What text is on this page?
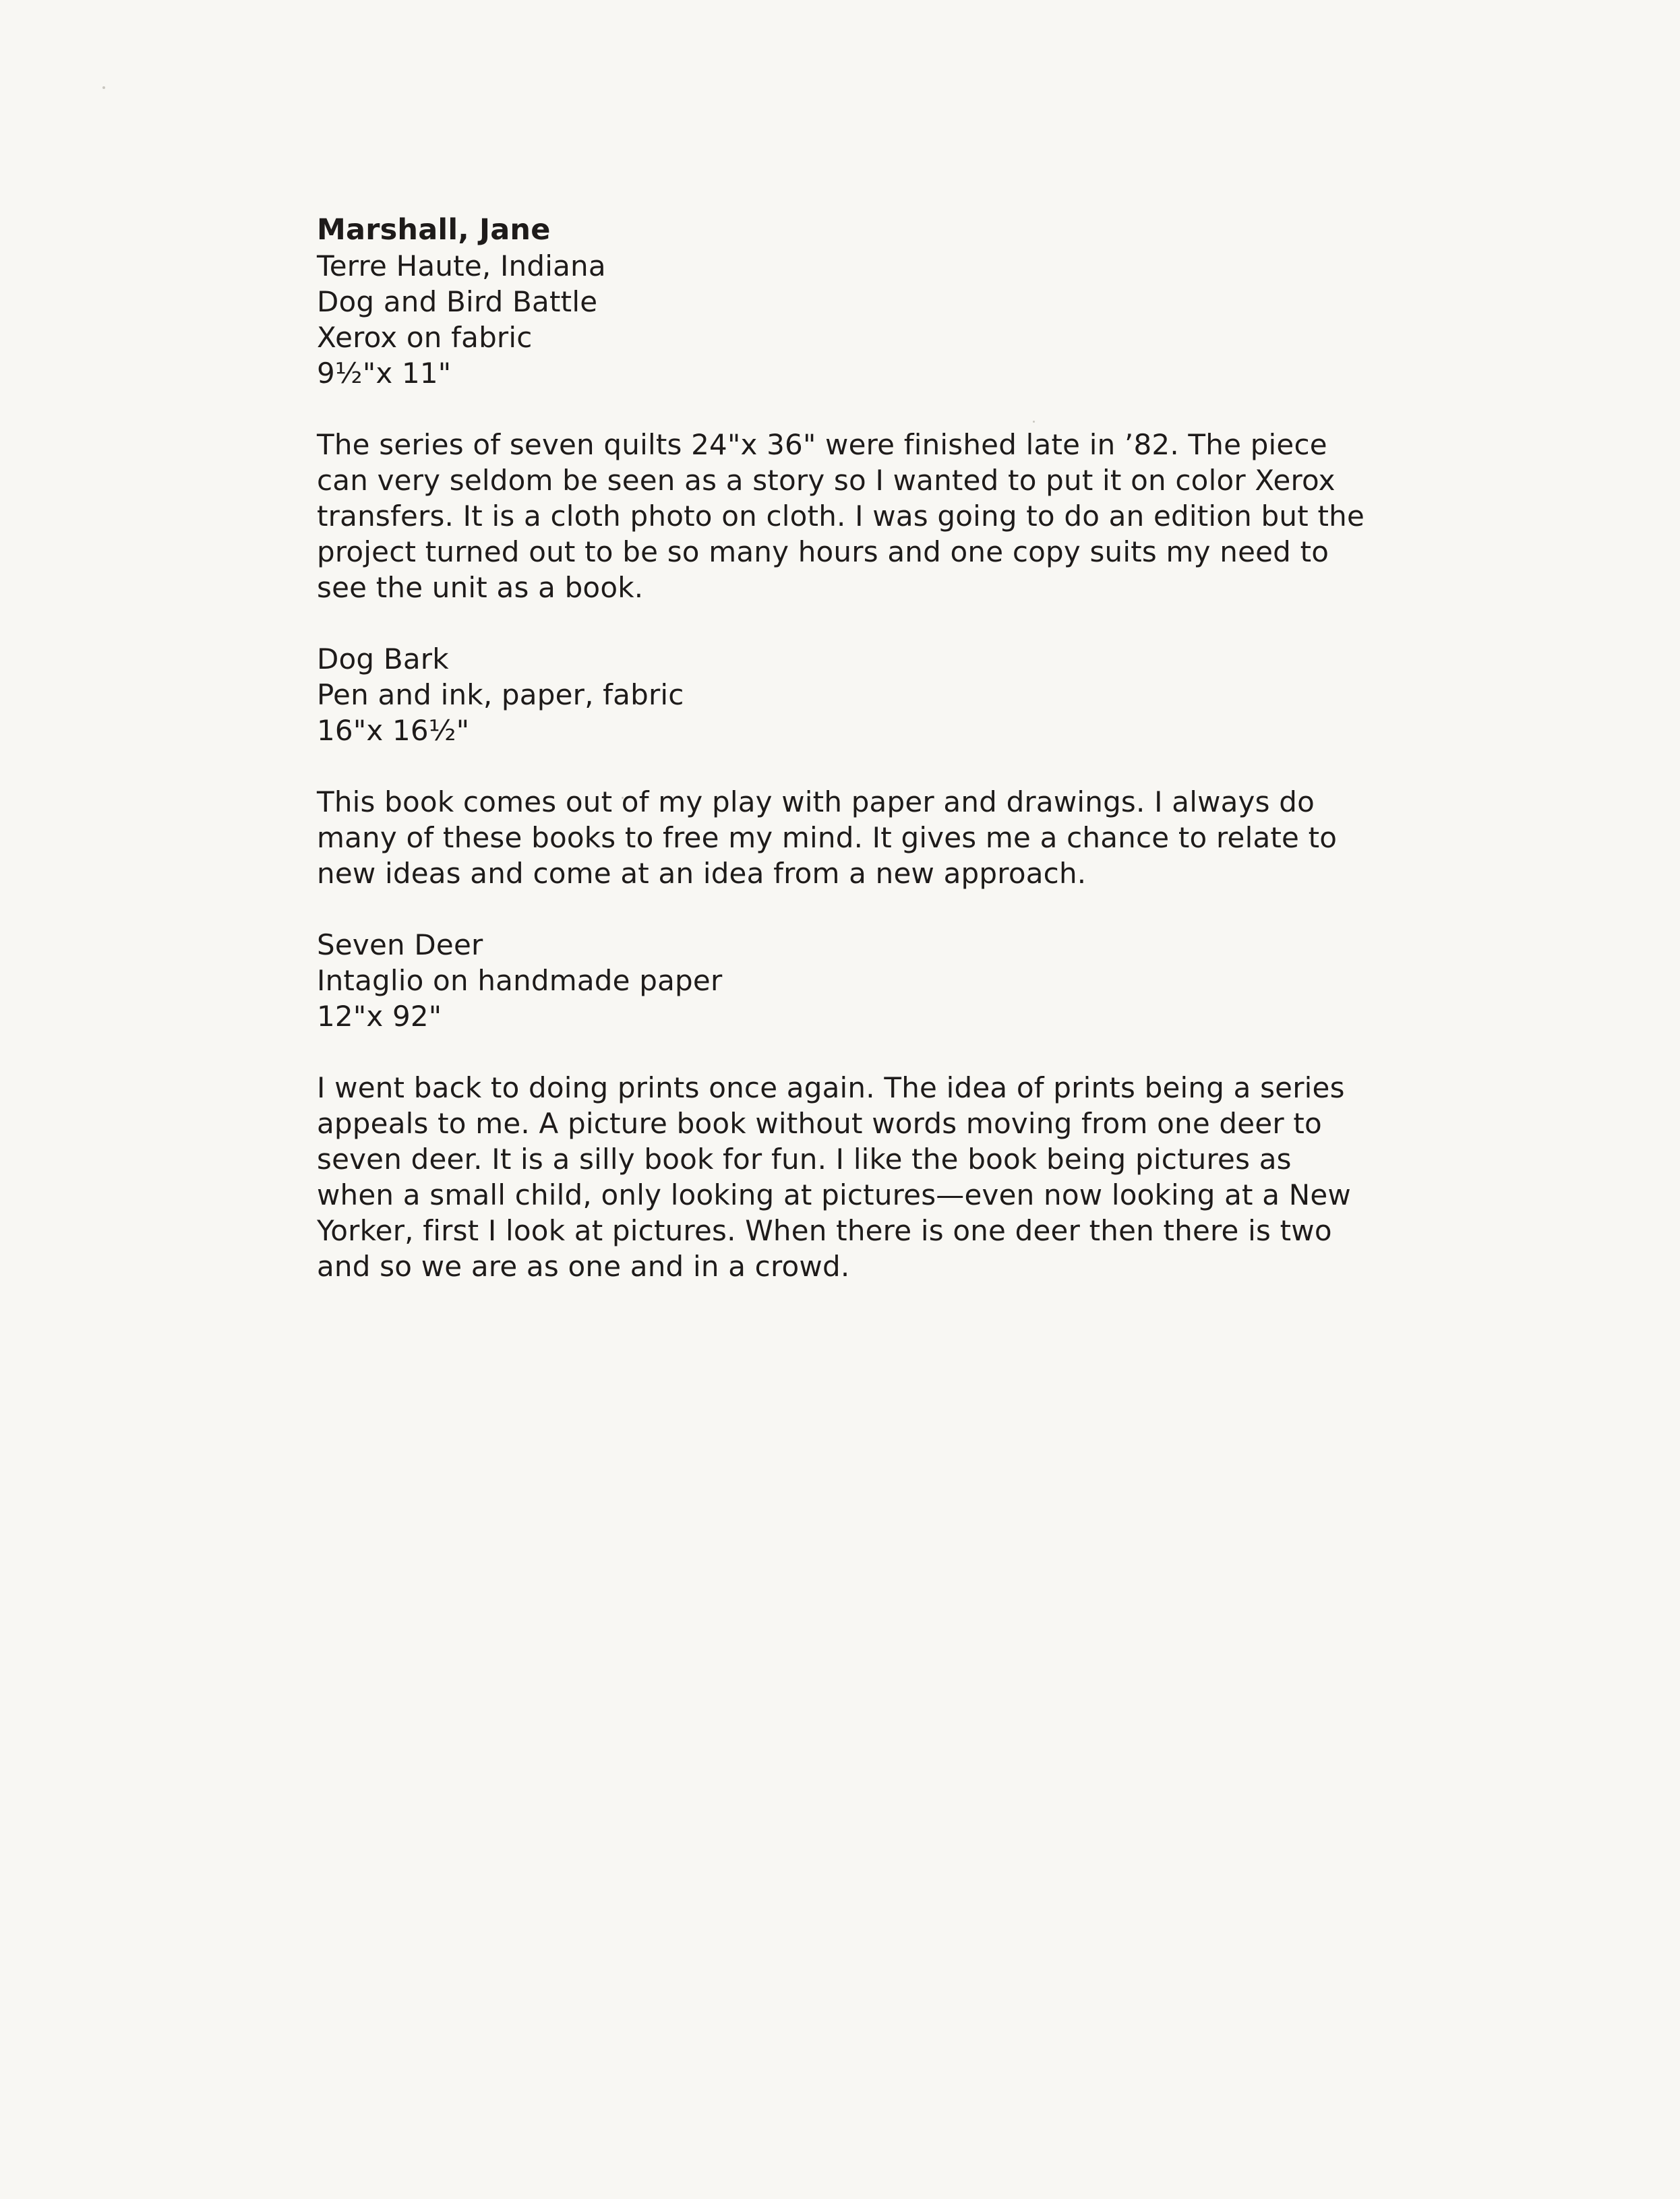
Marshall, Jane
Terre Haute, Indiana
Dog and Bird Battle
Xerox on fabric
9½"x 11"
The series of seven quilts 24"x 36" were finished late in ’82. The piece
can very seldom be seen as a story so I wanted to put it on color Xerox
transfers. It is a cloth photo on cloth. I was going to do an edition but the
project turned out to be so many hours and one copy suits my need to
see the unit as a book.
Dog Bark
Pen and ink, paper, fabric
16"x 16½"
This book comes out of my play with paper and drawings. I always do
many of these books to free my mind. It gives me a chance to relate to
new ideas and come at an idea from a new approach.
Seven Deer
Intaglio on handmade paper
12"x 92"
I went back to doing prints once again. The idea of prints being a series
appeals to me. A picture book without words moving from one deer to
seven deer. It is a silly book for fun. I like the book being pictures as
when a small child, only looking at pictures—even now looking at a New
Yorker, first I look at pictures. When there is one deer then there is two
and so we are as one and in a crowd.
